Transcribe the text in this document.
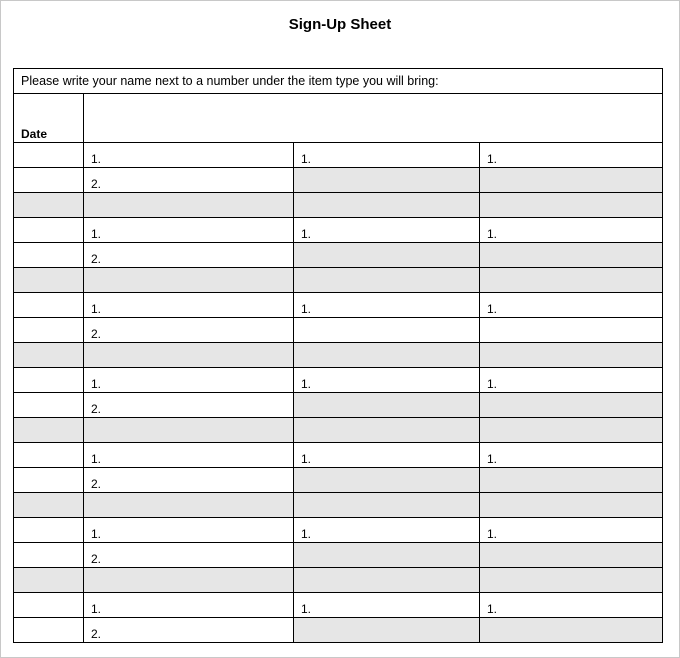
Sign-Up Sheet
Please write your name next to a number under the item type you will bring:			

Date			

	1.	1.	1.

	2.		

	1.	1.	1.

	2.		

	1.	1.	1.

	2.		

	1.	1.	1.

	2.		

	1.	1.	1.

	2.		

	1.	1.	1.

	2.		

	1.	1.	1.

	2.		
